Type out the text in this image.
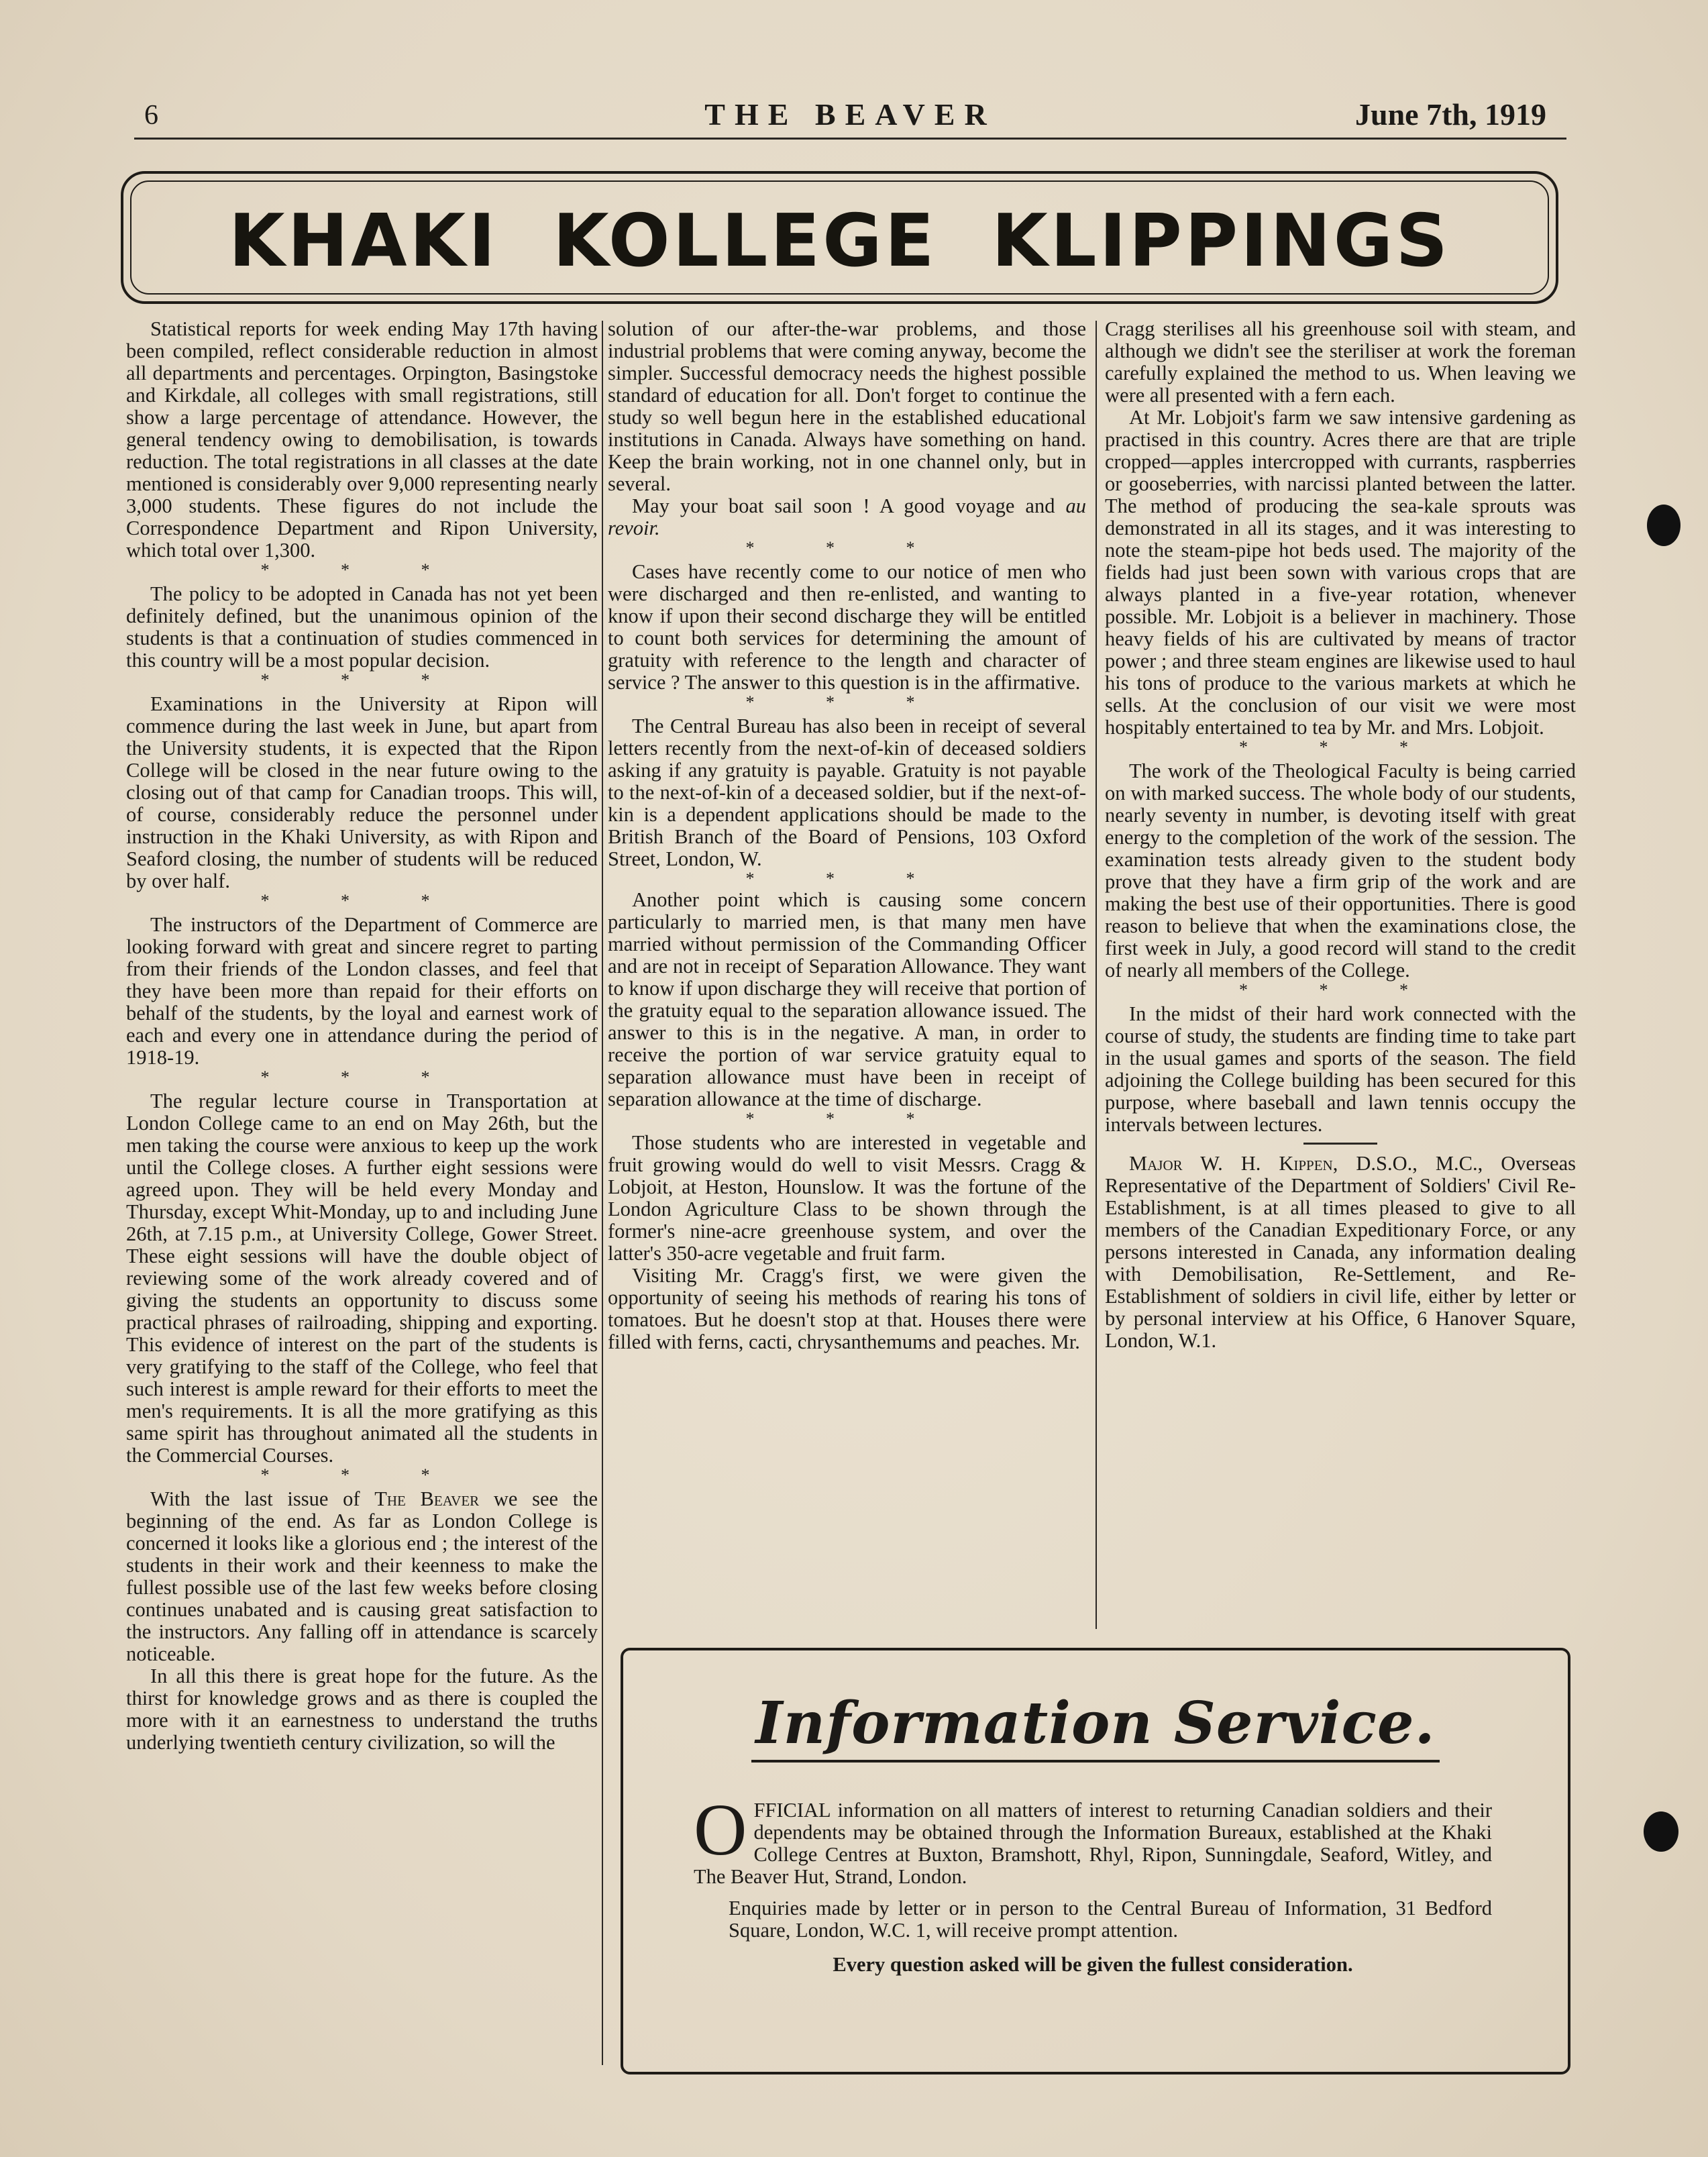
6	THE BEAVER	June 7th, 1919
KHAKI KOLLEGE KLIPPINGS

Statistical reports for week ending May 17th having been compiled, reflect considerable reduction in almost all departments and percentages. Orpington, Basingstoke and Kirkdale, all colleges with small registrations, still show a large percentage of attendance. However, the general tendency owing to demobilisation, is towards reduction. The total registrations in all classes at the date mentioned is considerably over 9,000 representing nearly 3,000 students. These figures do not include the Correspondence Department and Ripon University, which total over 1,300.

* * *

The policy to be adopted in Canada has not yet been definitely defined, but the unanimous opinion of the students is that a continuation of studies commenced in this country will be a most popular decision.

* * *

Examinations in the University at Ripon will commence during the last week in June, but apart from the University students, it is expected that the Ripon College will be closed in the near future owing to the closing out of that camp for Canadian troops. This will, of course, considerably reduce the personnel under instruction in the Khaki University, as with Ripon and Seaford closing, the number of students will be reduced by over half.

* * *

The instructors of the Department of Commerce are looking forward with great and sincere regret to parting from their friends of the London classes, and feel that they have been more than repaid for their efforts on behalf of the students, by the loyal and earnest work of each and every one in attendance during the period of 1918-19.

* * *

The regular lecture course in Transportation at London College came to an end on May 26th, but the men taking the course were anxious to keep up the work until the College closes. A further eight sessions were agreed upon. They will be held every Monday and Thursday, except Whit-Monday, up to and including June 26th, at 7.15 p.m., at University College, Gower Street. These eight sessions will have the double object of reviewing some of the work already covered and of giving the students an opportunity to discuss some practical phrases of railroading, shipping and exporting. This evidence of interest on the part of the students is very gratifying to the staff of the College, who feel that such interest is ample reward for their efforts to meet the men's requirements. It is all the more gratifying as this same spirit has throughout animated all the students in the Commercial Courses.

* * *

With the last issue of The Beaver we see the beginning of the end. As far as London College is concerned it looks like a glorious end ; the interest of the students in their work and their keenness to make the fullest possible use of the last few weeks before closing continues unabated and is causing great satisfaction to the instructors. Any falling off in attendance is scarcely noticeable.

In all this there is great hope for the future. As the thirst for knowledge grows and as there is coupled the more with it an earnestness to understand the truths underlying twentieth century civilization, so will the

solution of our after-the-war problems, and those industrial problems that were coming anyway, become the simpler. Successful democracy needs the highest possible standard of education for all. Don't forget to continue the study so well begun here in the established educational institutions in Canada. Always have something on hand. Keep the brain working, not in one channel only, but in several.

May your boat sail soon ! A good voyage and au revoir.

* * *

Cases have recently come to our notice of men who were discharged and then re-enlisted, and wanting to know if upon their second discharge they will be entitled to count both services for determining the amount of gratuity with reference to the length and character of service ? The answer to this question is in the affirmative.

* * *

The Central Bureau has also been in receipt of several letters recently from the next-of-kin of deceased soldiers asking if any gratuity is payable. Gratuity is not payable to the next-of-kin of a deceased soldier, but if the next-of-kin is a dependent applications should be made to the British Branch of the Board of Pensions, 103 Oxford Street, London, W.

* * *

Another point which is causing some concern particularly to married men, is that many men have married without permission of the Commanding Officer and are not in receipt of Separation Allowance. They want to know if upon discharge they will receive that portion of the gratuity equal to the separation allowance issued. The answer to this is in the negative. A man, in order to receive the portion of war service gratuity equal to separation allowance must have been in receipt of separation allowance at the time of discharge.

* * *

Those students who are interested in vegetable and fruit growing would do well to visit Messrs. Cragg & Lobjoit, at Heston, Hounslow. It was the fortune of the London Agriculture Class to be shown through the former's nine-acre greenhouse system, and over the latter's 350-acre vegetable and fruit farm.

Visiting Mr. Cragg's first, we were given the opportunity of seeing his methods of rearing his tons of tomatoes. But he doesn't stop at that. Houses there were filled with ferns, cacti, chrysanthemums and peaches. Mr.

Cragg sterilises all his greenhouse soil with steam, and although we didn't see the steriliser at work the foreman carefully explained the method to us. When leaving we were all presented with a fern each.

At Mr. Lobjoit's farm we saw intensive gardening as practised in this country. Acres there are that are triple cropped—apples intercropped with currants, raspberries or gooseberries, with narcissi planted between the latter. The method of producing the sea-kale sprouts was demonstrated in all its stages, and it was interesting to note the steam-pipe hot beds used. The majority of the fields had just been sown with various crops that are always planted in a five-year rotation, whenever possible. Mr. Lobjoit is a believer in machinery. Those heavy fields of his are cultivated by means of tractor power ; and three steam engines are likewise used to haul his tons of produce to the various markets at which he sells. At the conclusion of our visit we were most hospitably entertained to tea by Mr. and Mrs. Lobjoit.

* * *

The work of the Theological Faculty is being carried on with marked success. The whole body of our students, nearly seventy in number, is devoting itself with great energy to the completion of the work of the session. The examination tests already given to the student body prove that they have a firm grip of the work and are making the best use of their opportunities. There is good reason to believe that when the examinations close, the first week in July, a good record will stand to the credit of nearly all members of the College.

* * *

In the midst of their hard work connected with the course of study, the students are finding time to take part in the usual games and sports of the season. The field adjoining the College building has been secured for this purpose, where baseball and lawn tennis occupy the intervals between lectures.

Major W. H. Kippen, D.S.O., M.C., Overseas Representative of the Department of Soldiers' Civil Re-Establishment, is at all times pleased to give to all members of the Canadian Expeditionary Force, or any persons interested in Canada, any information dealing with Demobilisation, Re-Settlement, and Re-Establishment of soldiers in civil life, either by letter or by personal interview at his Office, 6 Hanover Square, London, W.1.

Information Service.

OFFICIAL information on all matters of interest to returning Canadian soldiers and their dependents may be obtained through the Information Bureaux, established at the Khaki College Centres at Buxton, Bramshott, Rhyl, Ripon, Sunningdale, Seaford, Witley, and The Beaver Hut, Strand, London.

Enquiries made by letter or in person to the Central Bureau of Information, 31 Bedford Square, London, W.C. 1, will receive prompt attention.

Every question asked will be given the fullest consideration.
